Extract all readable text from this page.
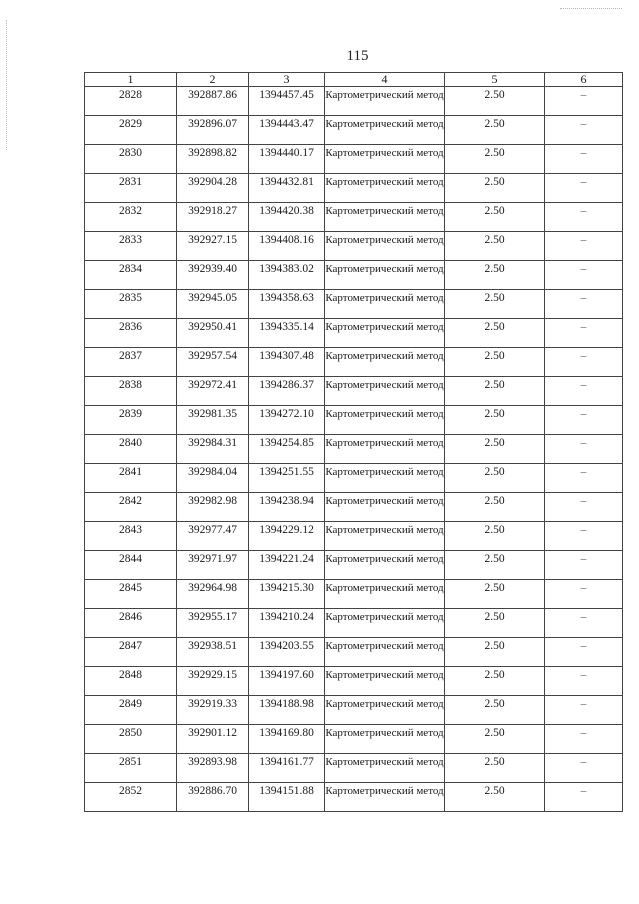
115
1	2	3	4	5	6
2828	392887.86	1394457.45	Картометрический метод	2.50	–
2829	392896.07	1394443.47	Картометрический метод	2.50	–
2830	392898.82	1394440.17	Картометрический метод	2.50	–
2831	392904.28	1394432.81	Картометрический метод	2.50	–
2832	392918.27	1394420.38	Картометрический метод	2.50	–
2833	392927.15	1394408.16	Картометрический метод	2.50	–
2834	392939.40	1394383.02	Картометрический метод	2.50	–
2835	392945.05	1394358.63	Картометрический метод	2.50	–
2836	392950.41	1394335.14	Картометрический метод	2.50	–
2837	392957.54	1394307.48	Картометрический метод	2.50	–
2838	392972.41	1394286.37	Картометрический метод	2.50	–
2839	392981.35	1394272.10	Картометрический метод	2.50	–
2840	392984.31	1394254.85	Картометрический метод	2.50	–
2841	392984.04	1394251.55	Картометрический метод	2.50	–
2842	392982.98	1394238.94	Картометрический метод	2.50	–
2843	392977.47	1394229.12	Картометрический метод	2.50	–
2844	392971.97	1394221.24	Картометрический метод	2.50	–
2845	392964.98	1394215.30	Картометрический метод	2.50	–
2846	392955.17	1394210.24	Картометрический метод	2.50	–
2847	392938.51	1394203.55	Картометрический метод	2.50	–
2848	392929.15	1394197.60	Картометрический метод	2.50	–
2849	392919.33	1394188.98	Картометрический метод	2.50	–
2850	392901.12	1394169.80	Картометрический метод	2.50	–
2851	392893.98	1394161.77	Картометрический метод	2.50	–
2852	392886.70	1394151.88	Картометрический метод	2.50	–
